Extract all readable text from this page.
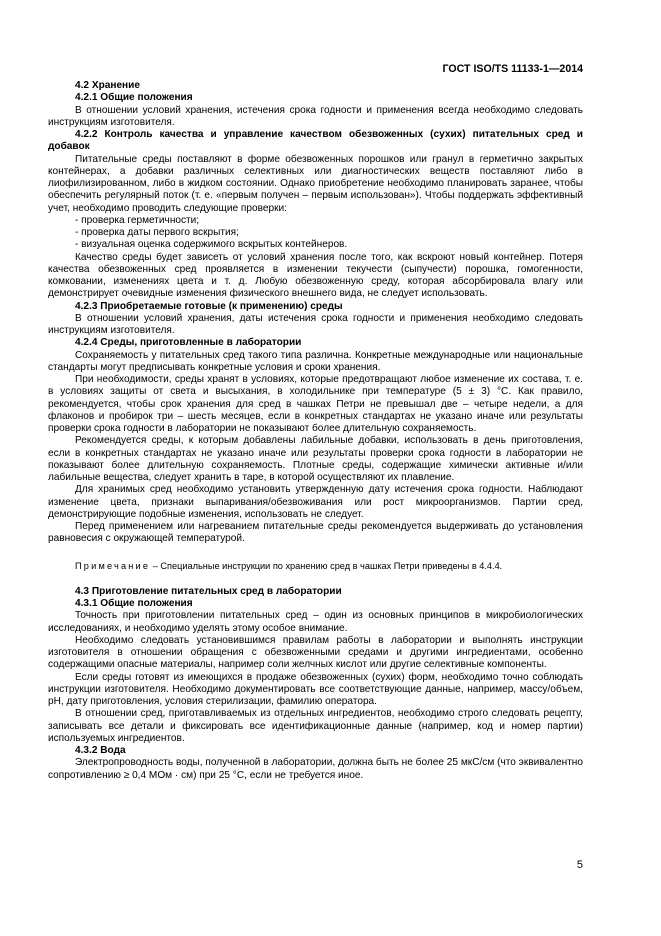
ГОСТ ISO/TS 11133-1—2014

4.2 Хранение

4.2.1 Общие положения

В отношении условий хранения, истечения срока годности и применения всегда необходимо следовать инструкциям изготовителя.

4.2.2 Контроль качества и управление качеством обезвоженных (сухих) питательных сред и добавок

Питательные среды поставляют в форме обезвоженных порошков или гранул в герметично закрытых контейнерах, а добавки различных селективных или диагностических веществ поставляют либо в лиофилизированном, либо в жидком состоянии. Однако приобретение необходимо планировать заранее, чтобы обеспечить регулярный поток (т. е. «первым получен – первым использован»). Чтобы поддержать эффективный учет, необходимо проводить следующие проверки:

- проверка герметичности;

- проверка даты первого вскрытия;

- визуальная оценка содержимого вскрытых контейнеров.

Качество среды будет зависеть от условий хранения после того, как вскроют новый контейнер. Потеря качества обезвоженных сред проявляется в изменении текучести (сыпучести) порошка, гомогенности, комковании, изменениях цвета и т. д. Любую обезвоженную среду, которая абсорбировала влагу или демонстрирует очевидные изменения физического внешнего вида, не следует использовать.

4.2.3 Приобретаемые готовые (к применению) среды

В отношении условий хранения, даты истечения срока годности и применения необходимо следовать инструкциям изготовителя.

4.2.4 Среды, приготовленные в лаборатории

Сохраняемость у питательных сред такого типа различна. Конкретные международные или национальные стандарты могут предписывать конкретные условия и сроки хранения.

При необходимости, среды хранят в условиях, которые предотвращают любое изменение их состава, т. е. в условиях защиты от света и высыхания, в холодильнике при температуре (5 ± 3) °С. Как правило, рекомендуется, чтобы срок хранения для сред в чашках Петри не превышал две – четыре недели, а для флаконов и пробирок три – шесть месяцев, если в конкретных стандартах не указано иначе или результаты проверки срока годности в лаборатории не показывают более длительную сохраняемость.

Рекомендуется среды, к которым добавлены лабильные добавки, использовать в день приготовления, если в конкретных стандартах не указано иначе или результаты проверки срока годности в лаборатории не показывают более длительную сохраняемость. Плотные среды, содержащие химически активные и/или лабильные вещества, следует хранить в таре, в которой осуществляют их плавление.

Для хранимых сред необходимо установить утвержденную дату истечения срока годности. Наблюдают изменение цвета, признаки выпаривания/обезвоживания или рост микроорганизмов. Партии сред, демонстрирующие подобные изменения, использовать не следует.

Перед применением или нагреванием питательные среды рекомендуется выдерживать до установления равновесия с окружающей температурой.

Примечание – Специальные инструкции по хранению сред в чашках Петри приведены в 4.4.4.

4.3 Приготовление питательных сред в лаборатории

4.3.1 Общие положения

Точность при приготовлении питательных сред – один из основных принципов в микробиологических исследованиях, и необходимо уделять этому особое внимание.

Необходимо следовать установившимся правилам работы в лаборатории и выполнять инструкции изготовителя в отношении обращения с обезвоженными средами и другими ингредиентами, особенно содержащими опасные материалы, например соли желчных кислот или другие селективные компоненты.

Если среды готовят из имеющихся в продаже обезвоженных (сухих) форм, необходимо точно соблюдать инструкции изготовителя. Необходимо документировать все соответствующие данные, например, массу/объем, рН, дату приготовления, условия стерилизации, фамилию оператора.

В отношении сред, приготавливаемых из отдельных ингредиентов, необходимо строго следовать рецепту, записывать все детали и фиксировать все идентификационные данные (например, код и номер партии) используемых ингредиентов.

4.3.2 Вода

Электропроводность воды, полученной в лаборатории, должна быть не более 25 мкС/см (что эквивалентно сопротивлению ≥ 0,4 МОм · см) при 25 °С, если не требуется иное.

5
